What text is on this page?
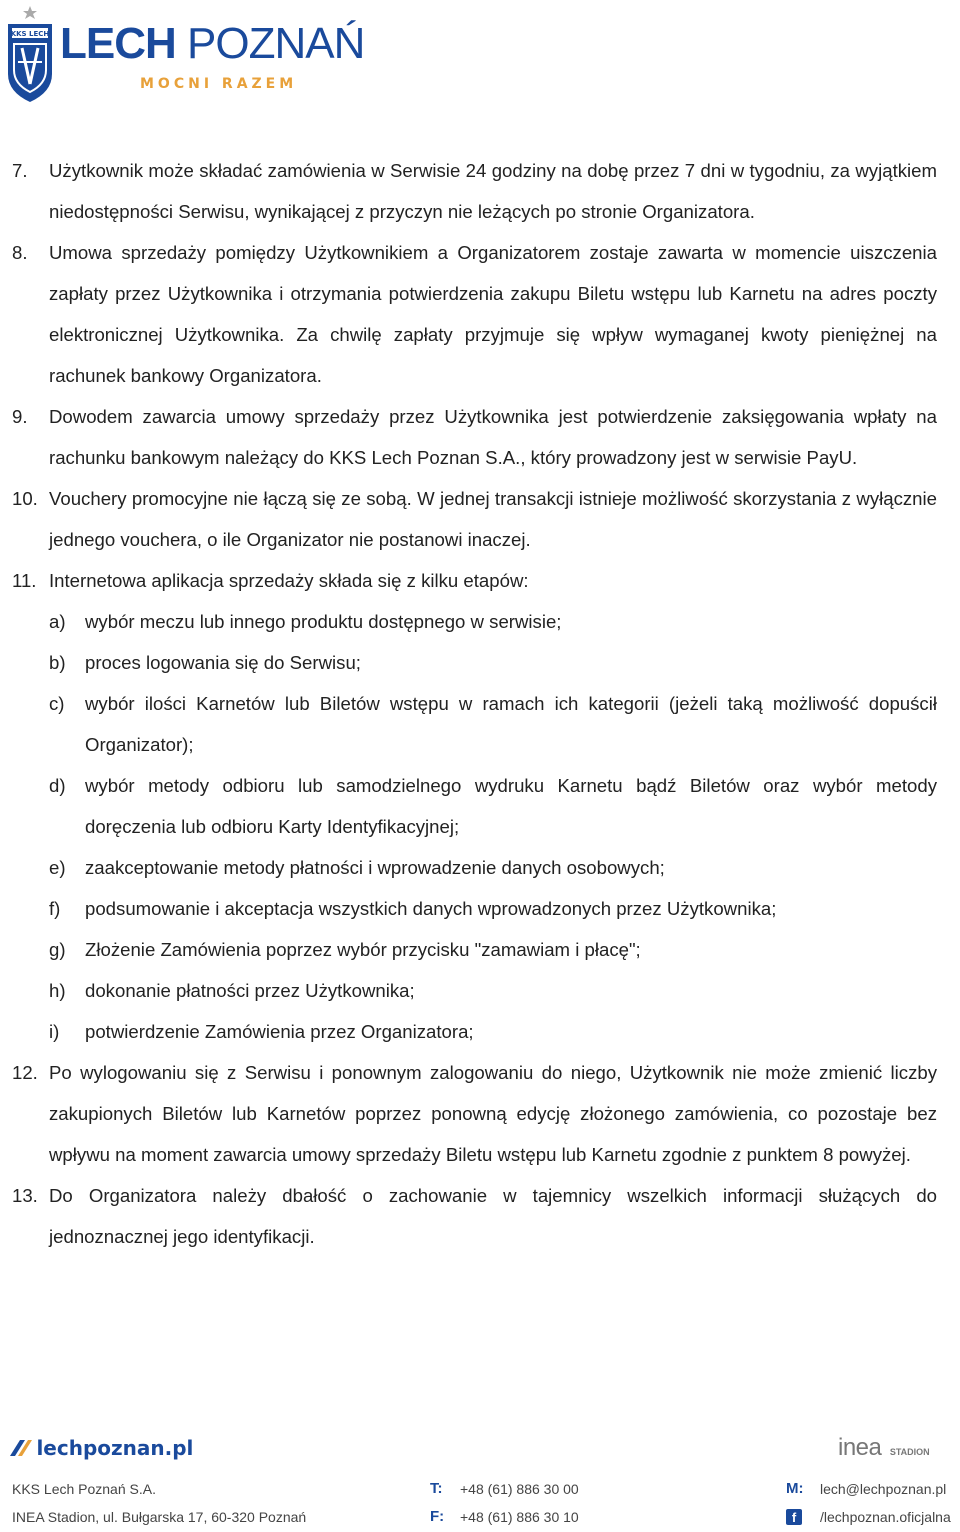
KKS LECH LECH POZNAŃ
MOCNI RAZEM
7. Użytkownik może składać zamówienia w Serwisie 24 godziny na dobę przez 7 dni w tygodniu, za wyjątkiem niedostępności Serwisu, wynikającej z przyczyn nie leżących po stronie Organizatora.
8. Umowa sprzedaży pomiędzy Użytkownikiem a Organizatorem zostaje zawarta w momencie uiszczenia zapłaty przez Użytkownika i otrzymania potwierdzenia zakupu Biletu wstępu lub Karnetu na adres poczty elektronicznej Użytkownika. Za chwilę zapłaty przyjmuje się wpływ wymaganej kwoty pieniężnej na rachunek bankowy Organizatora.
9. Dowodem zawarcia umowy sprzedaży przez Użytkownika jest potwierdzenie zaksięgowania wpłaty na rachunku bankowym należący do KKS Lech Poznan S.A., który prowadzony jest w serwisie PayU.
10. Vouchery promocyjne nie łączą się ze sobą. W jednej transakcji istnieje możliwość skorzystania z wyłącznie jednego vouchera, o ile Organizator nie postanowi inaczej.
11. Internetowa aplikacja sprzedaży składa się z kilku etapów:
a) wybór meczu lub innego produktu dostępnego w serwisie;
b) proces logowania się do Serwisu;
c) wybór ilości Karnetów lub Biletów wstępu w ramach ich kategorii (jeżeli taką możliwość dopuścił Organizator);
d) wybór metody odbioru lub samodzielnego wydruku Karnetu bądź Biletów oraz wybór metody doręczenia lub odbioru Karty Identyfikacyjnej;
e) zaakceptowanie metody płatności i wprowadzenie danych osobowych;
f) podsumowanie i akceptacja wszystkich danych wprowadzonych przez Użytkownika;
g) Złożenie Zamówienia poprzez wybór przycisku "zamawiam i płacę";
h) dokonanie płatności przez Użytkownika;
i) potwierdzenie Zamówienia przez Organizatora;
12. Po wylogowaniu się z Serwisu i ponownym zalogowaniu do niego, Użytkownik nie może zmienić liczby zakupionych Biletów lub Karnetów poprzez ponowną edycję złożonego zamówienia, co pozostaje bez wpływu na moment zawarcia umowy sprzedaży Biletu wstępu lub Karnetu zgodnie z punktem 8 powyżej.
13. Do Organizatora należy dbałość o zachowanie w tajemnicy wszelkich informacji służących do jednoznacznej jego identyfikacji.
lechpoznan.pl	inea STADION
KKS Lech Poznań S.A.	T: +48 (61) 886 30 00	M: lech@lechpoznan.pl
INEA Stadion, ul. Bułgarska 17, 60-320 Poznań	F: +48 (61) 886 30 10	f	/lechpoznan.oficjalna
